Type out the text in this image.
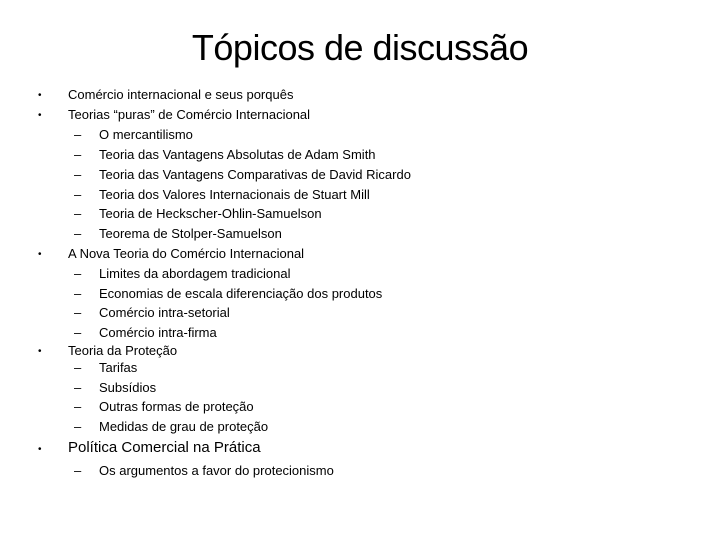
Tópicos de discussão
• Comércio internacional e seus porquês
• Teorias “puras” de Comércio Internacional
– O mercantilismo
– Teoria das Vantagens Absolutas de Adam Smith
– Teoria das Vantagens Comparativas de David Ricardo
– Teoria dos Valores Internacionais de Stuart Mill
– Teoria de Heckscher-Ohlin-Samuelson
– Teorema de Stolper-Samuelson
• A Nova Teoria do Comércio Internacional
– Limites da abordagem tradicional
– Economias de escala diferenciação dos produtos
– Comércio intra-setorial
– Comércio intra-firma
• Teoria da Proteção
– Tarifas
– Subsídios
– Outras formas de proteção
– Medidas de grau de proteção
• Política Comercial na Prática
– Os argumentos a favor do protecionismo
